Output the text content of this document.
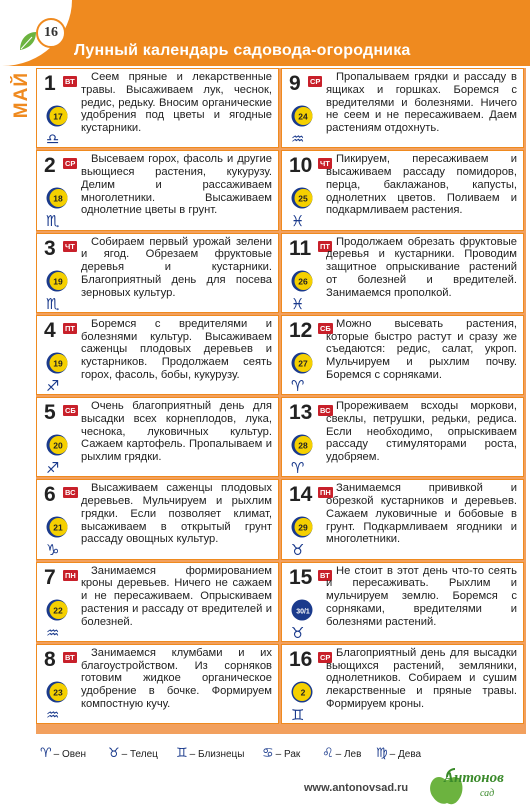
16
Лунный календарь садовода-огородника
МАЙ 1 ВТ
17
♎
Сеем пряные и лекарственные травы. Высаживаем лук, чеснок, редис, редьку. Вносим органические удобрения под цветы и ягодные кустарники.
2 СР
18
♏
Высеваем горох, фасоль и другие вьющиеся растения, кукурузу. Делим и рассаживаем многолетники. Высаживаем однолетние цветы в грунт.
3 ЧТ
19
♏
Собираем первый урожай зелени и ягод. Обрезаем фруктовые деревья и кустарники. Благоприятный день для посева зерновых культур.
4 ПТ
19
♐
Боремся с вредителями и болезнями культур. Высаживаем саженцы плодовых деревьев и кустарников. Продолжаем сеять горох, фасоль, бобы, кукурузу.
5 СБ
20
♐
Очень благоприятный день для высадки всех корнеплодов, лука, чеснока, луковичных культур. Сажаем картофель. Пропалываем и рыхлим грядки.
6 ВС
21
♑
Высаживаем саженцы плодовых деревьев. Мульчируем и рыхлим грядки. Если позволяет климат, высаживаем в открытый грунт рассаду овощных культур.
7 ПН
22
♒
Занимаемся формированием кроны деревьев. Ничего не сажаем и не пересаживаем. Опрыскиваем растения и рассаду от вредителей и болезней.
8 ВТ
23
♒
Занимаемся клумбами и их благоустройством. Из сорняков готовим жидкое органическое удобрение в бочке. Формируем компостную кучу.
9 СР
24
♒
Пропалываем грядки и рассаду в ящиках и горшках. Боремся с вредителями и болезнями. Ничего не сеем и не пересаживаем. Даем растениям отдохнуть.
10 ЧТ
25
♓
Пикируем, пересаживаем и высаживаем рассаду помидоров, перца, баклажанов, капусты, однолетних цветов. Поливаем и подкармливаем растения.
11 ПТ
26
♓
Продолжаем обрезать фруктовые деревья и кустарники. Проводим защитное опрыскивание растений от болезней и вредителей. Занимаемся прополкой.
12 СБ
27
♈
Можно высевать растения, которые быстро растут и сразу же съедаются: редис, салат, укроп. Мульчируем и рыхлим почву. Боремся с сорняками.
13 ВС
28
♈
Прореживаем всходы моркови, свеклы, петрушки, редьки, редиса. Если необходимо, опрыскиваем рассаду стимуляторами роста, удобряем.
14 ПН
29
♉
Занимаемся прививкой и обрезкой кустарников и деревьев. Сажаем луковичные и бобовые в грунт. Подкармливаем ягодники и многолетники.
15 ВТ
30/1
♉
Не стоит в этот день что-то сеять и пересаживать. Рыхлим и мульчируем землю. Боремся с сорняками, вредителями и болезнями растений.
16 СР
2
♊
Благоприятный день для высадки вьющихся растений, земляники, однолетников. Собираем и сушим лекарственные и пряные травы. Формируем кроны.
♈ – Овен ♉ – Телец ♊ – Близнецы ♋ – Рак ♌ – Лев ♍ – Дева
www.antonovsad.ru
Антонов
сад
